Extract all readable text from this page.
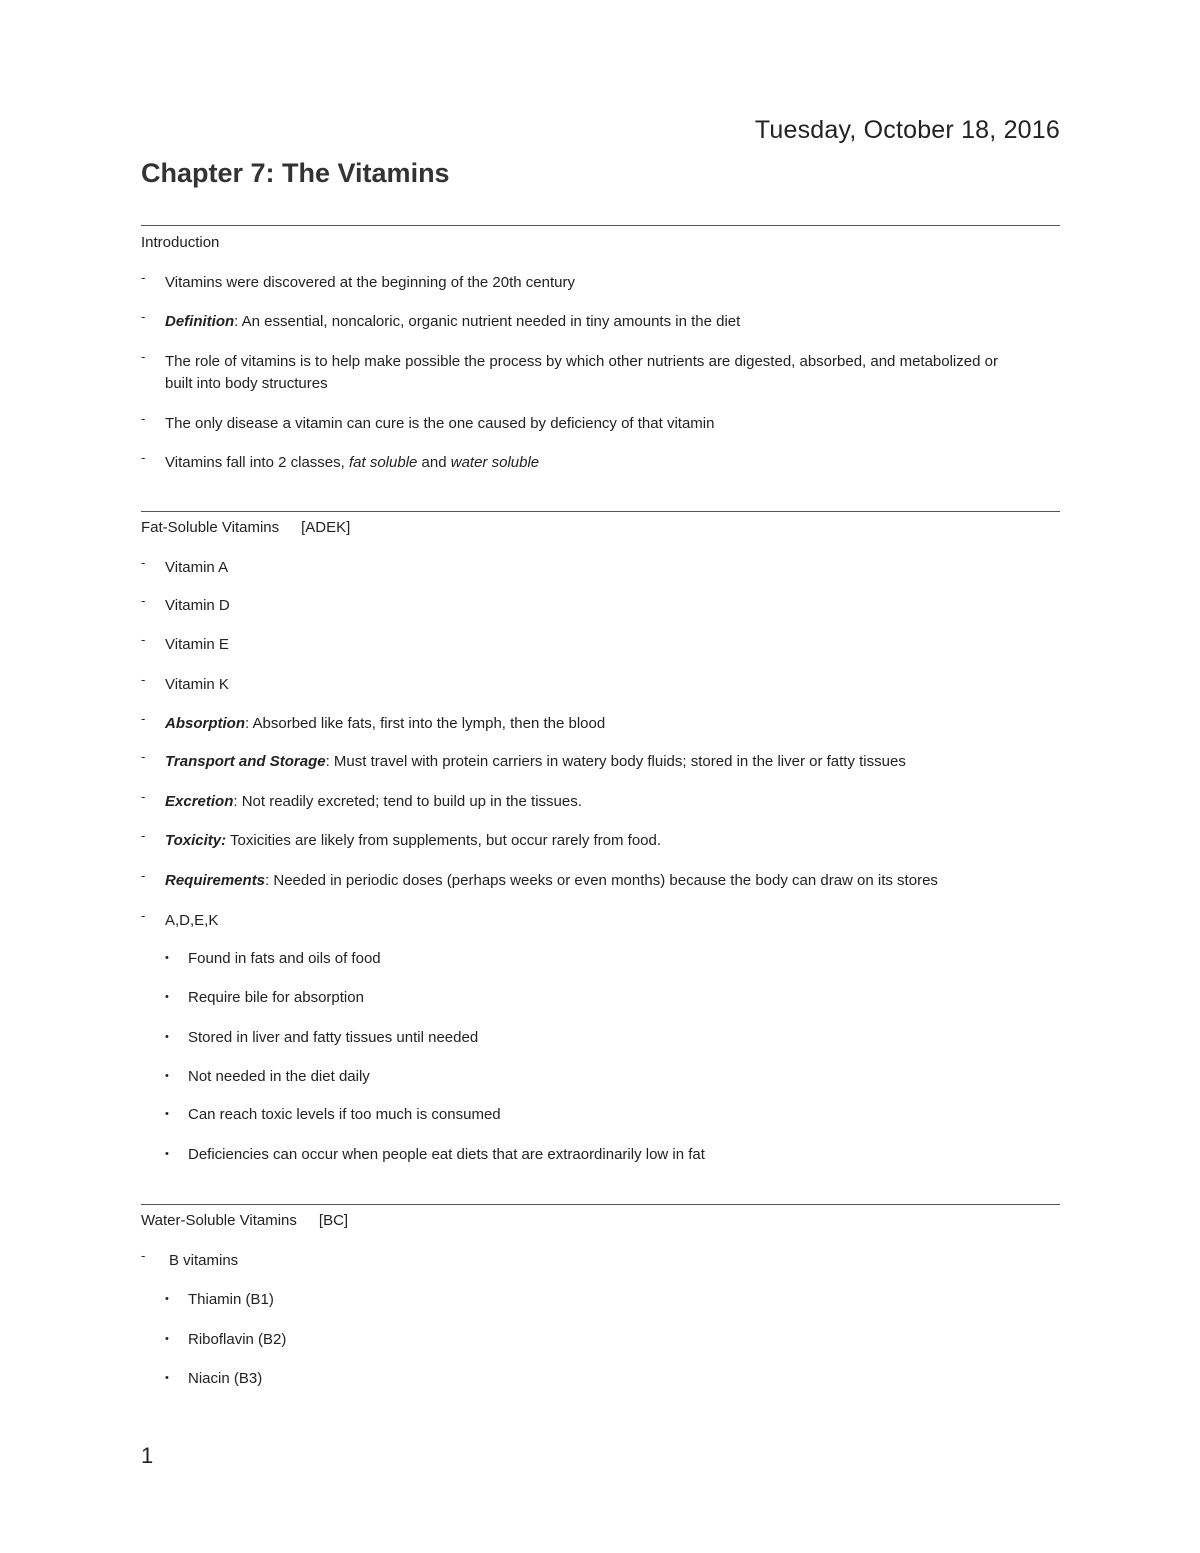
Tuesday, October 18, 2016
Chapter 7: The Vitamins
Introduction
- Vitamins were discovered at the beginning of the 20th century
- Definition: An essential, noncaloric, organic nutrient needed in tiny amounts in the diet
- The role of vitamins is to help make possible the process by which other nutrients are digested, absorbed, and metabolized or
built into body structures
- The only disease a vitamin can cure is the one caused by deficiency of that vitamin
- Vitamins fall into 2 classes, fat soluble and water soluble
Fat-Soluble Vitamins [ADEK]
- Vitamin A
- Vitamin D
- Vitamin E
- Vitamin K
- Absorption: Absorbed like fats, first into the lymph, then the blood
- Transport and Storage: Must travel with protein carriers in watery body fluids; stored in the liver or fatty tissues
- Excretion: Not readily excreted; tend to build up in the tissues.
- Toxicity: Toxicities are likely from supplements, but occur rarely from food.
- Requirements: Needed in periodic doses (perhaps weeks or even months) because the body can draw on its stores
- A,D,E,K
• Found in fats and oils of food
• Require bile for absorption
• Stored in liver and fatty tissues until needed
• Not needed in the diet daily
• Can reach toxic levels if too much is consumed
• Deficiencies can occur when people eat diets that are extraordinarily low in fat
Water-Soluble Vitamins [BC]
- B vitamins
• Thiamin (B1)
• Riboflavin (B2)
• Niacin (B3)
1
